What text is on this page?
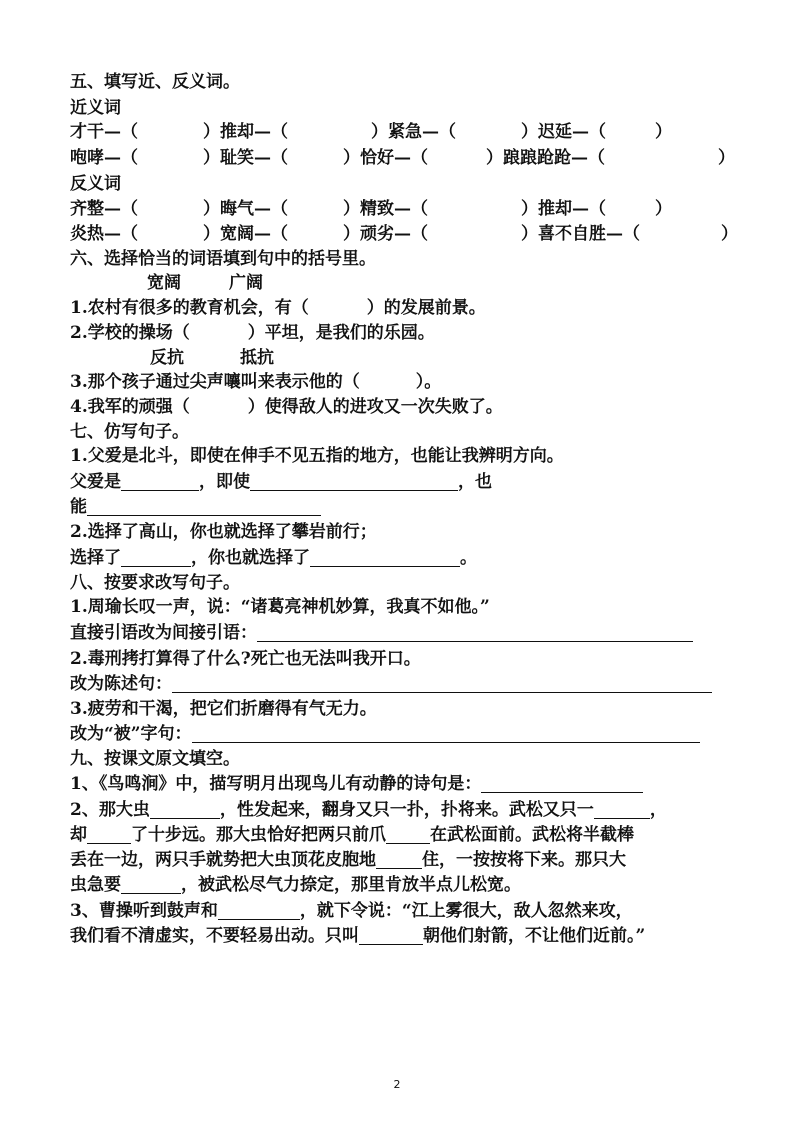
五、填写近、反义词。
近义词
才干—（	）推却—（	）紧急—（	）迟延—（	）
咆哮—（	）耻笑—（	）恰好—（	）踉踉跄跄—（	）
反义词
齐整—（	）晦气—（	）精致—（	）推却—（	）
炎热—（	）宽阔—（	）顽劣—（	）喜不自胜—（	）
六、选择恰当的词语填到句中的括号里。
宽阔	广阔
1.农村有很多的教育机会，有（	）的发展前景。
2.学校的操场（	）平坦，是我们的乐园。
反抗	抵抗
3.那个孩子通过尖声嚷叫来表示他的（	）。
4.我军的顽强（	）使得敌人的进攻又一次失败了。
七、仿写句子。
1.父爱是北斗，即使在伸手不见五指的地方，也能让我辨明方向。
父爱是	，即使	，也
能
2.选择了高山，你也就选择了攀岩前行；
选择了	，你也就选择了	。
八、按要求改写句子。
1.周瑜长叹一声，说：“诸葛亮神机妙算，我真不如他。”
直接引语改为间接引语：
2.毒刑拷打算得了什么?死亡也无法叫我开口。
改为陈述句：
3.疲劳和干渴，把它们折磨得有气无力。
改为“被”字句：
九、按课文原文填空。
1、《鸟鸣涧》中，描写明月出现鸟儿有动静的诗句是：
2、那大虫	，性发起来，翻身又只一扑，扑将来。武松又只一	，
却	了十步远。那大虫恰好把两只前爪	在武松面前。武松将半截棒
丢在一边，两只手就势把大虫顶花皮胞地	住，一按按将下来。那只大
虫急要	，被武松尽气力捺定，那里肯放半点儿松宽。
3、曹操听到鼓声和	，就下令说：“江上雾很大，敌人忽然来攻，
我们看不清虚实，不要轻易出动。只叫	朝他们射箭，不让他们近前。”
2
